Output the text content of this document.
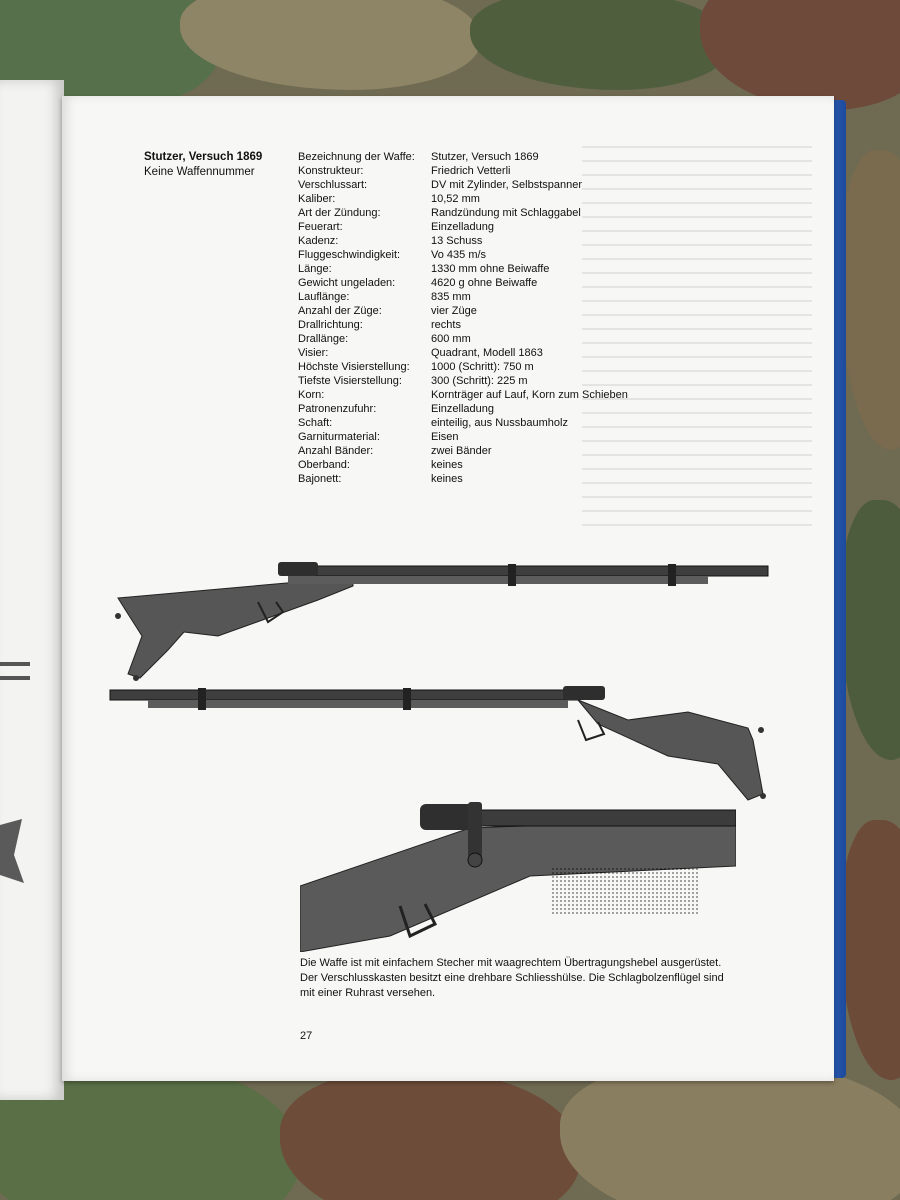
Stutzer, Versuch 1869
Keine Waffennummer
Bezeichnung der Waffe:	Stutzer, Versuch 1869
Konstrukteur:	Friedrich Vetterli
Verschlussart:	DV mit Zylinder, Selbstspanner
Kaliber:	10,52 mm
Art der Zündung:	Randzündung mit Schlaggabel
Feuerart:	Einzelladung
Kadenz:	13 Schuss
Fluggeschwindigkeit:	Vo 435 m/s
Länge:	1330 mm ohne Beiwaffe
Gewicht ungeladen:	4620 g ohne Beiwaffe
Lauflänge:	835 mm
Anzahl der Züge:	vier Züge
Drallrichtung:	rechts
Drallänge:	600 mm
Visier:	Quadrant, Modell 1863
Höchste Visierstellung:	1000 (Schritt): 750 m
Tiefste Visierstellung:	300 (Schritt): 225 m
Korn:	Kornträger auf Lauf, Korn zum Schieben
Patronenzufuhr:	Einzelladung
Schaft:	einteilig, aus Nussbaumholz
Garniturmaterial:	Eisen
Anzahl Bänder:	zwei Bänder
Oberband:	keines
Bajonett:	keines
Die Waffe ist mit einfachem Stecher mit waagrechtem Übertragungshebel ausgerüstet. Der Verschlusskasten besitzt eine drehbare Schliesshülse. Die Schlagbolzenflügel sind mit einer Ruhrast versehen.
27
